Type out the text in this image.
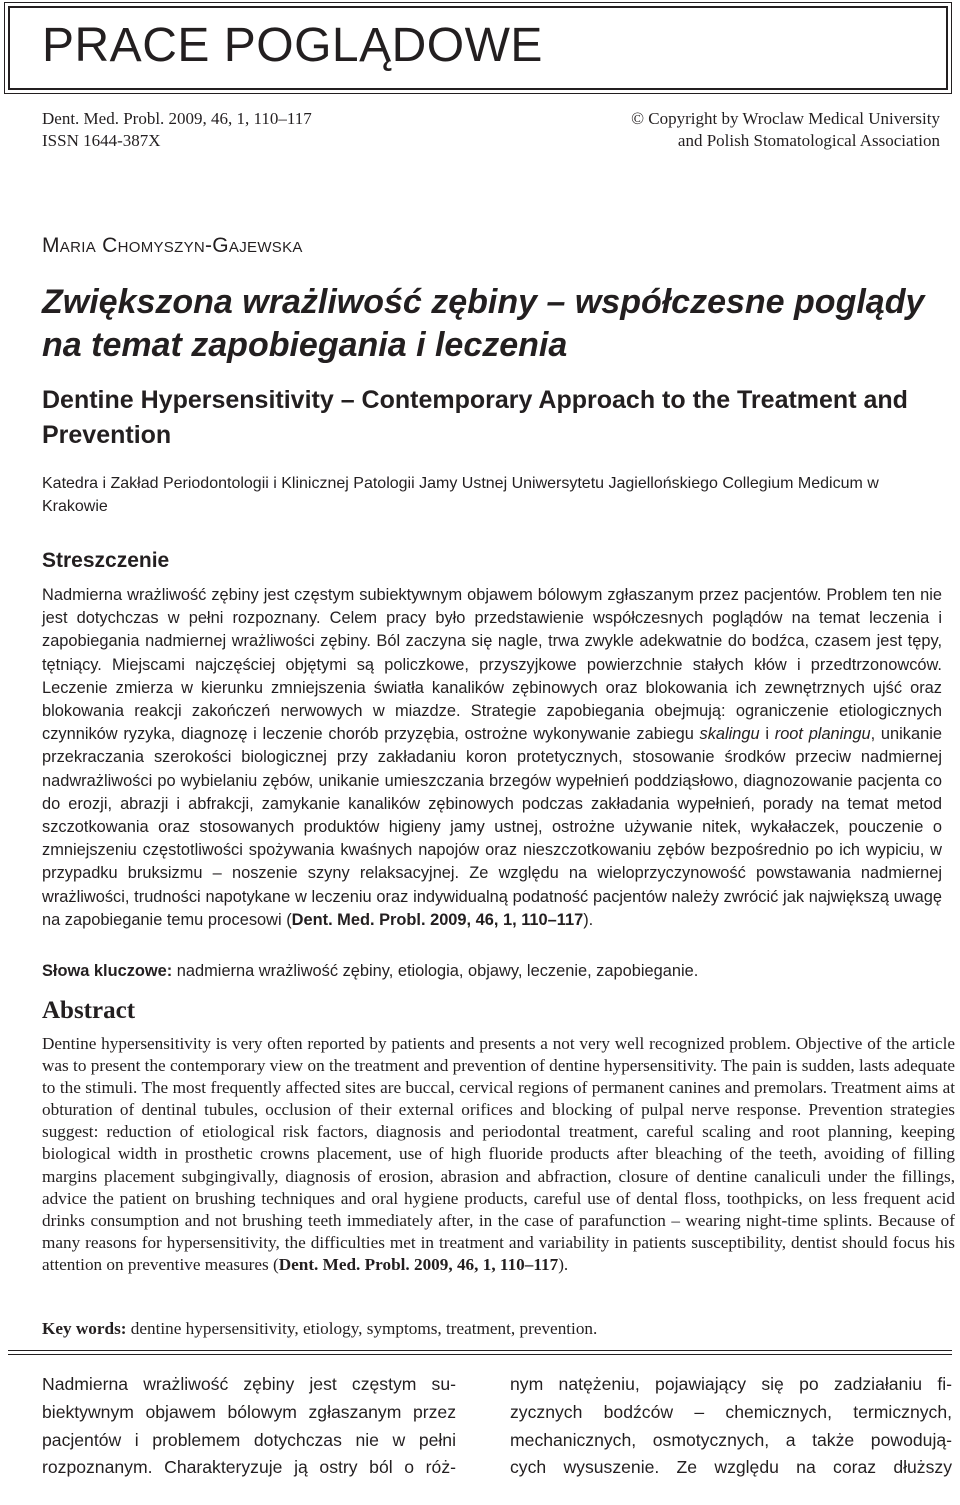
PRACE POGLĄDOWE
Dent. Med. Probl. 2009, 46, 1, 110–117
ISSN 1644-387X
© Copyright by Wroclaw Medical University
and Polish Stomatological Association
Maria Chomyszyn-Gajewska
Zwiększona wrażliwość zębiny – współczesne poglądy na temat zapobiegania i leczenia
Dentine Hypersensitivity – Contemporary Approach to the Treatment and Prevention
Katedra i Zakład Periodontologii i Klinicznej Patologii Jamy Ustnej Uniwersytetu Jagiellońskiego Collegium Medicum w Krakowie
Streszczenie
Nadmierna wrażliwość zębiny jest częstym subiektywnym objawem bólowym zgłaszanym przez pacjentów. Problem ten nie jest dotychczas w pełni rozpoznany. Celem pracy było przedstawienie współczesnych poglądów na temat leczenia i zapobiegania nadmiernej wrażliwości zębiny. Ból zaczyna się nagle, trwa zwykle adekwatnie do bodźca, czasem jest tępy, tętniący. Miejscami najczęściej objętymi są policzkowe, przyszyjkowe powierzchnie stałych kłów i przedtrzonowców. Leczenie zmierza w kierunku zmniejszenia światła kanalików zębinowych oraz blokowania ich zewnętrznych ujść oraz blokowania reakcji zakończeń nerwowych w miazdze. Strategie zapobiegania obejmują: ograniczenie etiologicznych czynników ryzyka, diagnozę i leczenie chorób przyzębia, ostrożne wykonywanie zabiegu skalingu i root planingu, unikanie przekraczania szerokości biologicznej przy zakładaniu koron protetycznych, stosowanie środków przeciw nadmiernej nadwrażliwości po wybielaniu zębów, unikanie umieszczania brzegów wypełnień poddziąsłowo, diagnozowanie pacjenta co do erozji, abrazji i abfrakcji, zamykanie kanalików zębinowych podczas zakładania wypełnień, porady na temat metod szczotkowania oraz stosowanych produktów higieny jamy ustnej, ostrożne używanie nitek, wykałaczek, pouczenie o zmniejszeniu częstotliwości spożywania kwaśnych napojów oraz nieszczotkowaniu zębów bezpośrednio po ich wypiciu, w przypadku bruksizmu – noszenie szyny relaksacyjnej. Ze względu na wieloprzyczynowość powstawania nadmiernej wrażliwości, trudności napotykane w leczeniu oraz indywidualną podatność pacjentów należy zwrócić jak największą uwagę na zapobieganie temu procesowi (Dent. Med. Probl. 2009, 46, 1, 110–117).
Słowa kluczowe: nadmierna wrażliwość zębiny, etiologia, objawy, leczenie, zapobieganie.
Abstract
Dentine hypersensitivity is very often reported by patients and presents a not very well recognized problem. Objective of the article was to present the contemporary view on the treatment and prevention of dentine hypersensitivity. The pain is sudden, lasts adequate to the stimuli. The most frequently affected sites are buccal, cervical regions of permanent canines and premolars. Treatment aims at obturation of dentinal tubules, occlusion of their external orifices and blocking of pulpal nerve response. Prevention strategies suggest: reduction of etiological risk factors, diagnosis and periodontal treatment, careful scaling and root planning, keeping biological width in prosthetic crowns placement, use of high fluoride products after bleaching of the teeth, avoiding of filling margins placement subgingivally, diagnosis of erosion, abrasion and abfraction, closure of dentine canaliculi under the fillings, advice the patient on brushing techniques and oral hygiene products, careful use of dental floss, toothpicks, on less frequent acid drinks consumption and not brushing teeth immediately after, in the case of parafunction – wearing night-time splints. Because of many reasons for hypersensitivity, the difficulties met in treatment and variability in patients susceptibility, dentist should focus his attention on preventive measures (Dent. Med. Probl. 2009, 46, 1, 110–117).
Key words: dentine hypersensitivity, etiology, symptoms, treatment, prevention.
Nadmierna wrażliwość zębiny jest częstym su-
biektywnym objawem bólowym zgłaszanym przez
pacjentów i problemem dotychczas nie w pełni
rozpoznanym. Charakteryzuje ją ostry ból o róż-
nym natężeniu, pojawiający się po zadziałaniu fi-
zycznych bodźców – chemicznych, termicznych,
mechanicznych, osmotycznych, a także powodują-
cych wysuszenie. Ze względu na coraz dłuższy
